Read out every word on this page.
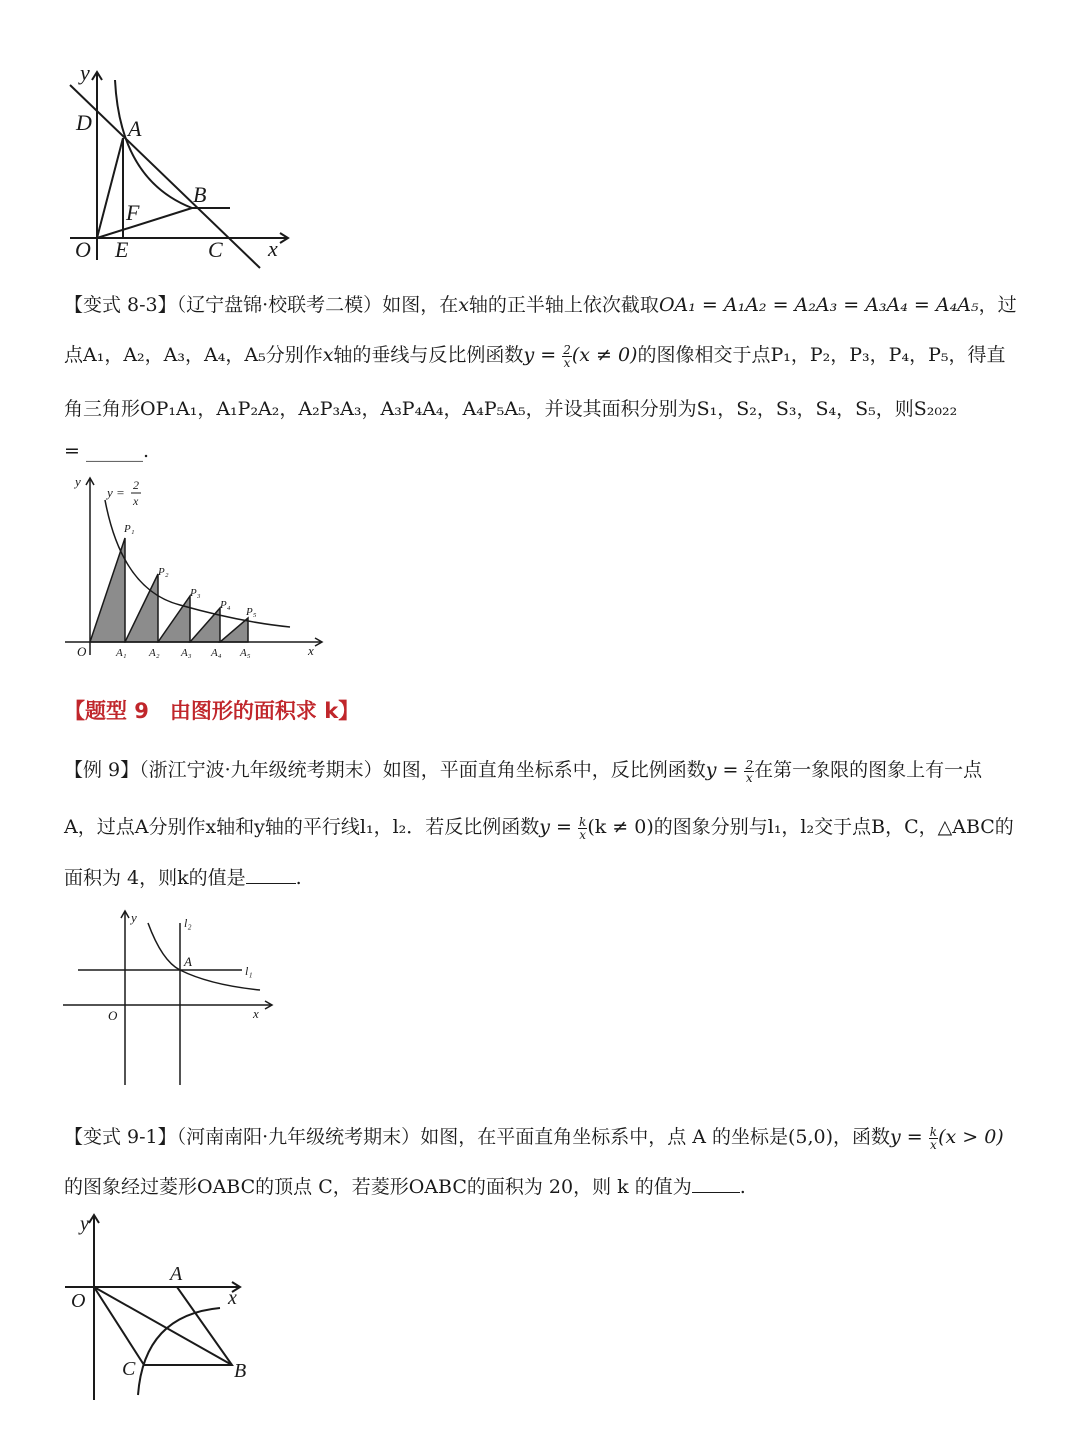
y
x
O
D A
B
F
E	C
【变式 8-3】（辽宁盘锦·校联考二模）如图，在x轴的正半轴上依次截取OA₁ = A₁A₂ = A₂A₃ = A₃A₄ = A₄A₅，过
点A₁，A₂，A₃，A₄，A₅分别作x轴的垂线与反比例函数$y = \frac{2}{x} (x \ne 0)$的图像相交于点P₁，P₂，P₃，P₄，P₅，得直
角三角形OP₁A₁，A₁P₂A₂，A₂P₃A₃，A₃P₄A₄，A₄P₅A₅，并设其面积分别为S₁，S₂，S₃，S₄，S₅，则S₂₀₂₂
= ______.
y
x
O
y = 2
x
P₁
P₂
P₃
P₄
P₅
A₁ A₂ A₃ A₄ A₅
【题型 9　由图形的面积求 k】
【例 9】（浙江宁波·九年级统考期末）如图，平面直角坐标系中，反比例函数$y = \frac{2}{x}$ 在第一象限的图象上有一点
A，过点A分别作x轴和y轴的平行线l₁，l₂．若反比例函数$y = \frac{k}{x} (k \ne 0)$的图象分别与l₁，l₂交于点B，C，△ABC的
面积为 4，则k的值是	.
y
x
O
A
l₁
l₂
【变式 9-1】（河南南阳·九年级统考期末）如图，在平面直角坐标系中，点 A 的坐标是(5,0)，函数$y = \frac{k}{x} (x > 0)$
的图象经过菱形OABC的顶点 C，若菱形OABC的面积为 20，则 k 的值为	.
y
x
O
A
B
C
